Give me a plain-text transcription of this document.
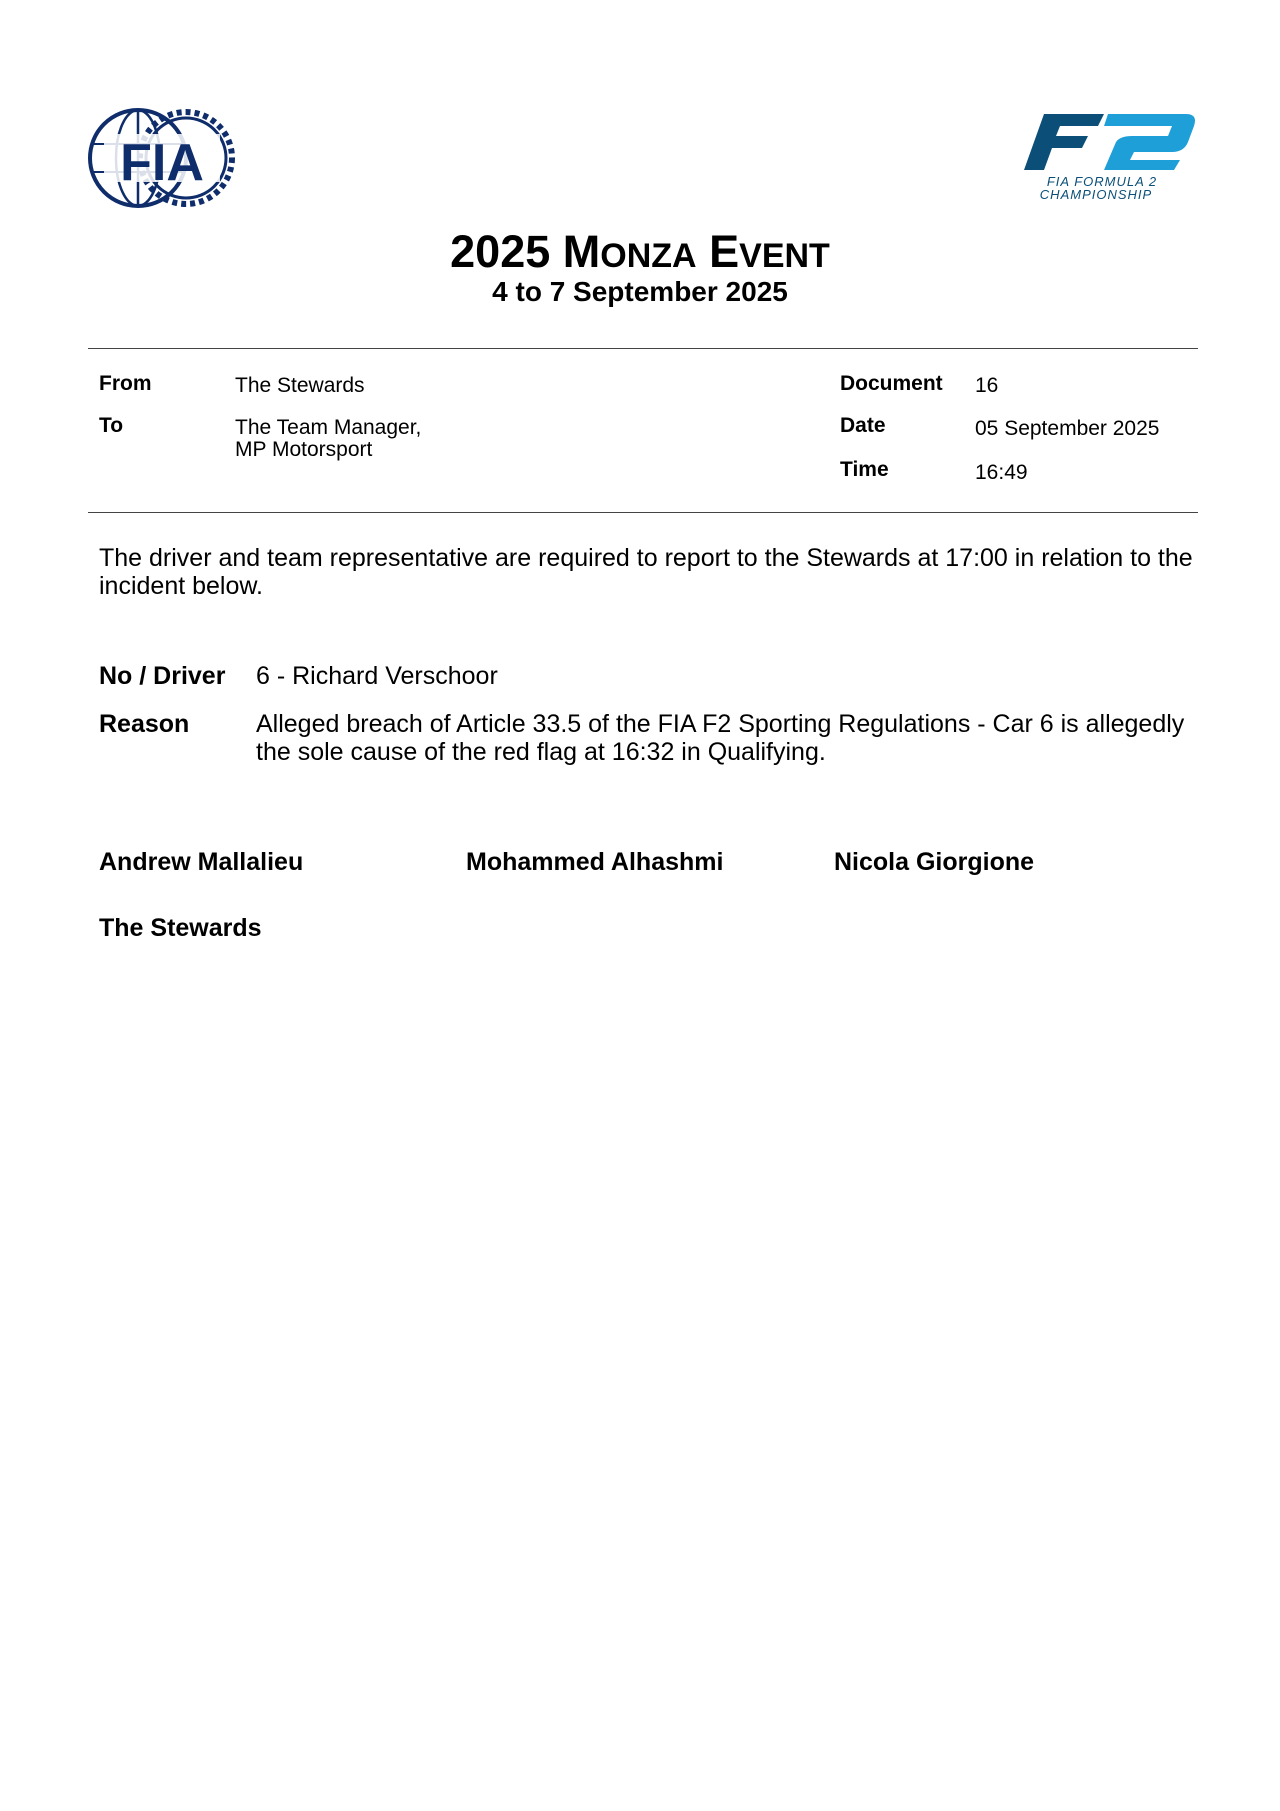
FIA	FIA FORMULA 2
CHAMPIONSHIP
2025 MONZA EVENT
4 to 7 September 2025
From	The Stewards
To	The Team Manager,
MP Motorsport
Document 16
Date	05 September 2025
Time	16:49
The driver and team representative are required to report to the Stewards at 17:00 in relation to the
incident below.
No / Driver 6 - Richard Verschoor
Reason	Alleged breach of Article 33.5 of the FIA F2 Sporting Regulations - Car 6 is allegedly
the sole cause of the red flag at 16:32 in Qualifying.
Andrew Mallalieu	Mohammed Alhashmi	Nicola Giorgione
The Stewards
